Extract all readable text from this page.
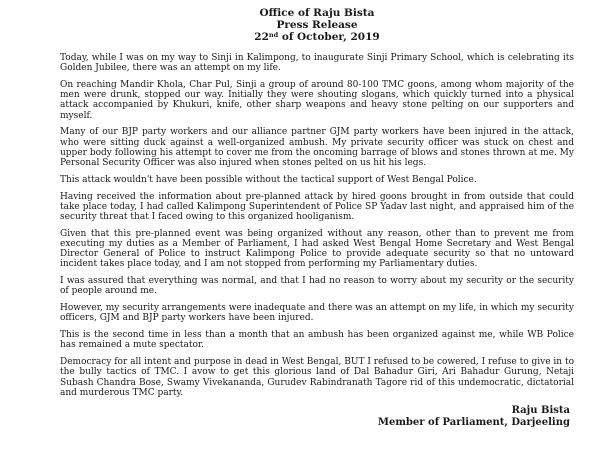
Office of Raju Bista
Press Release
22nd of October, 2019

Today, while I was on my way to Sinji in Kalimpong, to inaugurate Sinji Primary School, which is celebrating its Golden Jubilee, there was an attempt on my life.

On reaching Mandir Khola, Char Pul, Sinji a group of around 80-100 TMC goons, among whom majority of the men were drunk, stopped our way. Initially they were shouting slogans, which quickly turned into a physical attack accompanied by Khukuri, knife, other sharp weapons and heavy stone pelting on our supporters and myself.

Many of our BJP party workers and our alliance partner GJM party workers have been injured in the attack, who were sitting duck against a well-organized ambush. My private security officer was stuck on chest and upper body following his attempt to cover me from the oncoming barrage of blows and stones thrown at me. My Personal Security Officer was also injured when stones pelted on us hit his legs.

This attack wouldn't have been possible without the tactical support of West Bengal Police.

Having received the information about pre-planned attack by hired goons brought in from outside that could take place today, I had called Kalimpong Superintendent of Police SP Yadav last night, and appraised him of the security threat that I faced owing to this organized hooliganism.

Given that this pre-planned event was being organized without any reason, other than to prevent me from executing my duties as a Member of Parliament, I had asked West Bengal Home Secretary and West Bengal Director General of Police to instruct Kalimpong Police to provide adequate security so that no untoward incident takes place today, and I am not stopped from performing my Parliamentary duties.

I was assured that everything was normal, and that I had no reason to worry about my security or the security of people around me.

However, my security arrangements were inadequate and there was an attempt on my life, in which my security officers, GJM and BJP party workers have been injured.

This is the second time in less than a month that an ambush has been organized against me, while WB Police has remained a mute spectator.

Democracy for all intent and purpose in dead in West Bengal, BUT I refused to be cowered, I refuse to give in to the bully tactics of TMC. I avow to get this glorious land of Dal Bahadur Giri, Ari Bahadur Gurung, Netaji Subash Chandra Bose, Swamy Vivekananda, Gurudev Rabindranath Tagore rid of this undemocratic, dictatorial and murderous TMC party.

Raju Bista
Member of Parliament, Darjeeling
